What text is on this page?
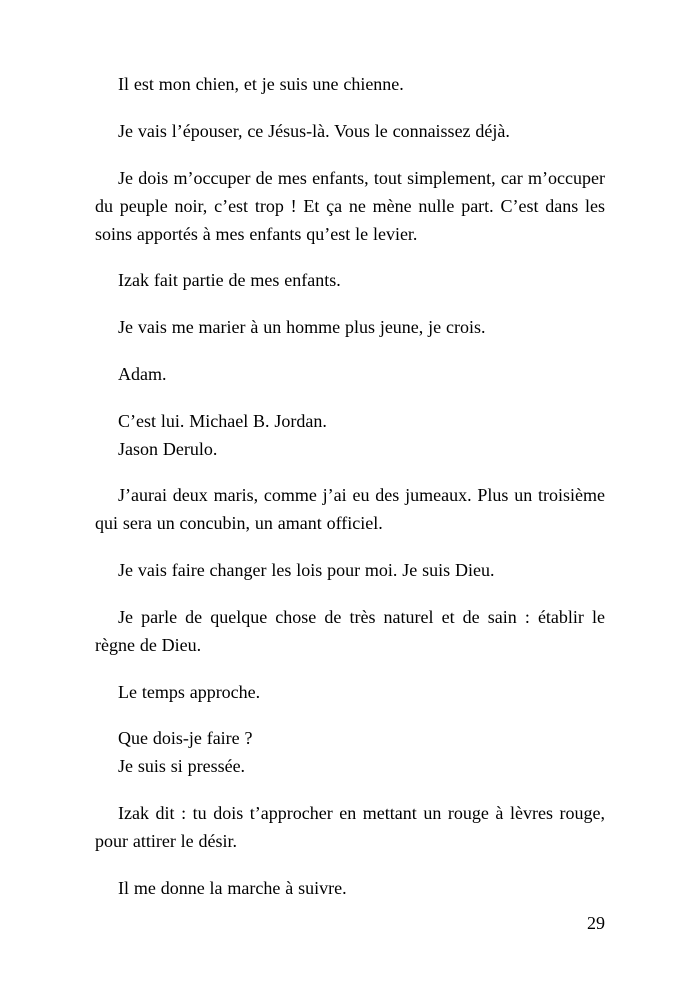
Il est mon chien, et je suis une chienne.

Je vais l’épouser, ce Jésus-là. Vous le connaissez déjà.

Je dois m’occuper de mes enfants, tout simplement, car m’occuper du peuple noir, c’est trop ! Et ça ne mène nulle part. C’est dans les soins apportés à mes enfants qu’est le levier.

Izak fait partie de mes enfants.

Je vais me marier à un homme plus jeune, je crois.

Adam.

C’est lui. Michael B. Jordan.

Jason Derulo.

J’aurai deux maris, comme j’ai eu des jumeaux. Plus un troisième qui sera un concubin, un amant officiel.

Je vais faire changer les lois pour moi. Je suis Dieu.

Je parle de quelque chose de très naturel et de sain : établir le règne de Dieu.

Le temps approche.

Que dois-je faire ?

Je suis si pressée.

Izak dit : tu dois t’approcher en mettant un rouge à lèvres rouge, pour attirer le désir.

Il me donne la marche à suivre.

29
